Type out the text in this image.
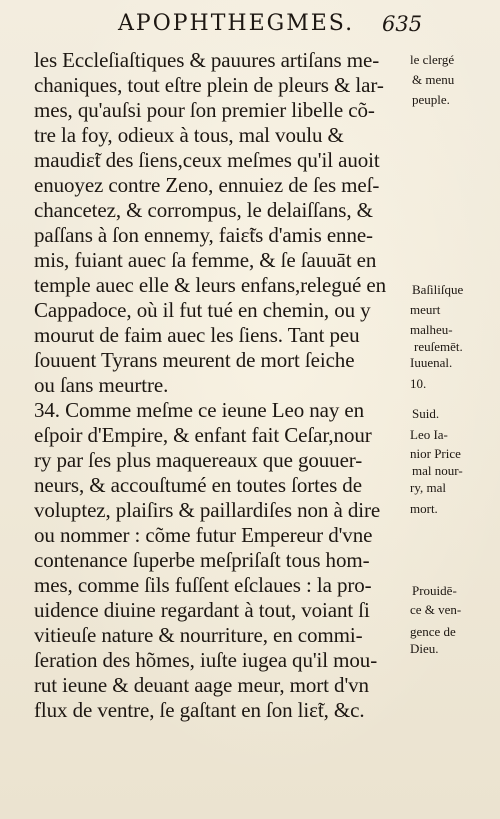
APOPHTHEGMES. 635
les Eccleſiaſtiques & pauures artiſans me-
chaniques, tout eſtre plein de pleurs & lar-
mes, qu'auſsi pour ſon premier libelle cõ-
tre la foy, odieux à tous, mal voulu &
maudiɛ̃t des ſiens,ceux meſmes qu'il auoit
enuoyez contre Zeno, ennuiez de ſes meſ-
chancetez, & corrompus, le delaiſſans, &
paſſans à ſon ennemy, faiɛ̃ts d'amis enne-
mis, fuiant auec ſa femme, & ſe ſauuāt en
temple auec elle & leurs enfans,relegué en
Cappadoce, où il fut tué en chemin, ou y
mourut de faim auec les ſiens. Tant peu
ſouuent Tyrans meurent de mort ſeiche
ou ſans meurtre.
34. Comme meſme ce ieune Leo nay en
eſpoir d'Empire, & enfant fait Ceſar,nour
ry par ſes plus maquereaux que gouuer-
neurs, & accouſtumé en toutes ſortes de
voluptez, plaiſirs & paillardiſes non à dire
ou nommer : cõme futur Empereur d'vne
contenance ſuperbe meſpriſaſt tous hom-
mes, comme ſils fuſſent eſclaues : la pro-
uidence diuine regardant à tout, voiant ſi
vitieuſe nature & nourriture, en commi-
ſeration des hõmes, iuſte iugea qu'il mou-
rut ieune & deuant aage meur, mort d'vn
flux de ventre, ſe gaſtant en ſon liɛ̃t, &c.
le clergé
& menu
peuple.
Baſiliſque
meurt
malheu-
reuſemēt.
Iuuenal.
10.
Suid.
Leo Ia-
nior Price
mal nour-
ry, mal
mort.
Prouidē-
ce & ven-
gence de
Dieu.
